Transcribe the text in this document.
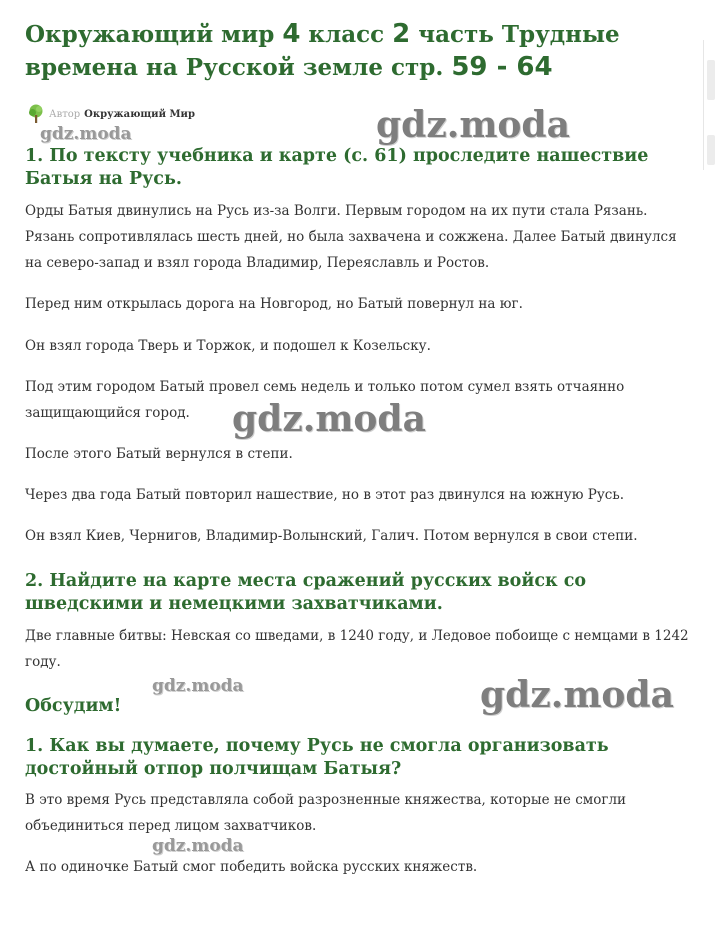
Окружающий мир 4 класс 2 часть Трудные времена на Русской земле стр. 59 - 64
Автор Окружающий Мир
gdz.moda	gdz.moda
gdz.moda
gdz.moda	gdz.moda
gdz.moda
1. По тексту учебника и карте (с. 61) проследите нашествие Батыя на Русь.

Орды Батыя двинулись на Русь из-за Волги. Первым городом на их пути стала Рязань. Рязань сопротивлялась шесть дней, но была захвачена и сожжена. Далее Батый двинулся на северо-запад и взял города Владимир, Переяславль и Ростов.

Перед ним открылась дорога на Новгород, но Батый повернул на юг.

Он взял города Тверь и Торжок, и подошел к Козельску.

Под этим городом Батый провел семь недель и только потом сумел взять отчаянно защищающийся город.

После этого Батый вернулся в степи.

Через два года Батый повторил нашествие, но в этот раз двинулся на южную Русь.

Он взял Киев, Чернигов, Владимир-Волынский, Галич. Потом вернулся в свои степи.

2. Найдите на карте места сражений русских войск со шведскими и немецкими захватчиками.

Две главные битвы: Невская со шведами, в 1240 году, и Ледовое побоище с немцами в 1242 году.

Обсудим!
1. Как вы думаете, почему Русь не смогла организовать достойный отпор полчищам Батыя?

В это время Русь представляла собой разрозненные княжества, которые не смогли объединиться перед лицом захватчиков.

А по одиночке Батый смог победить войска русских княжеств.
